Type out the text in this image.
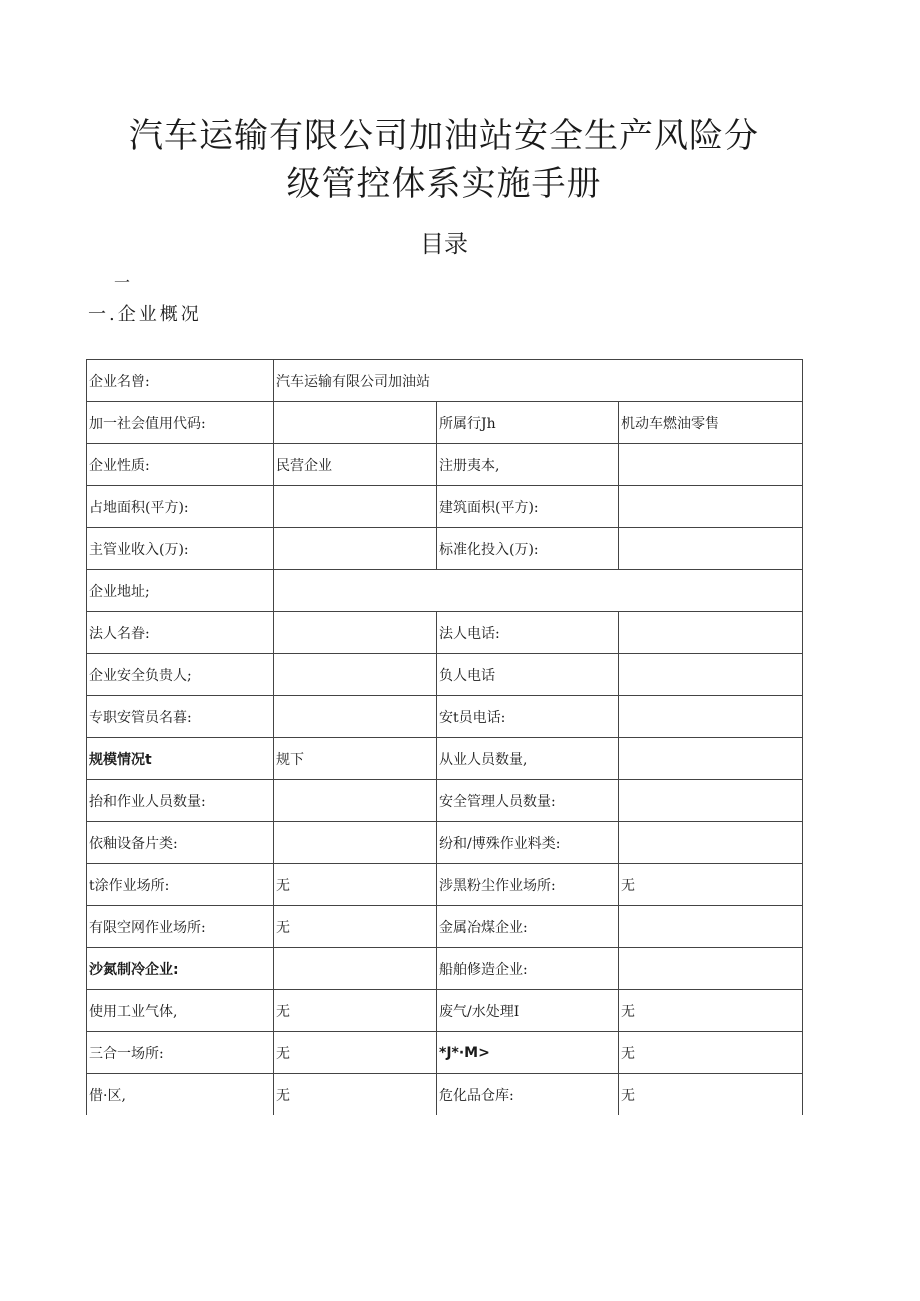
汽车运输有限公司加油站安全生产风险分
级管控体系实施手册
目录
一
一.企业概况
企业名曾:	汽车运输有限公司加油站		
加一社会值用代码:		所属行Jh	机动车燃油零售
企业性质:	民营企业	注册夷本,	
占地面积(平方):		建筑面枳(平方):	
主管业收入(万):		标准化投入(万):	
企业地址;			
法人名眷:		法人电话:	
企业安全负贵人;		负人电话	
专职安管员名暮:		安t员电话:	
规模情况t	规下	从业人员数量,	
抬和作业人员数量:		安全管理人员数量:	
依釉设备片类:		纷和/博殊作业料类:	
t涂作业场所:	无	涉黑粉尘作业场所:	无
有限空网作业场所:	无	金属冶煤企业:	
沙氮制冷企业:		船舶修造企业:	
使用工业气体,	无	废气/水处理I	无
三合一场所:	无	*J*·M>	无
借·区,	无	危化品仓库:	无
